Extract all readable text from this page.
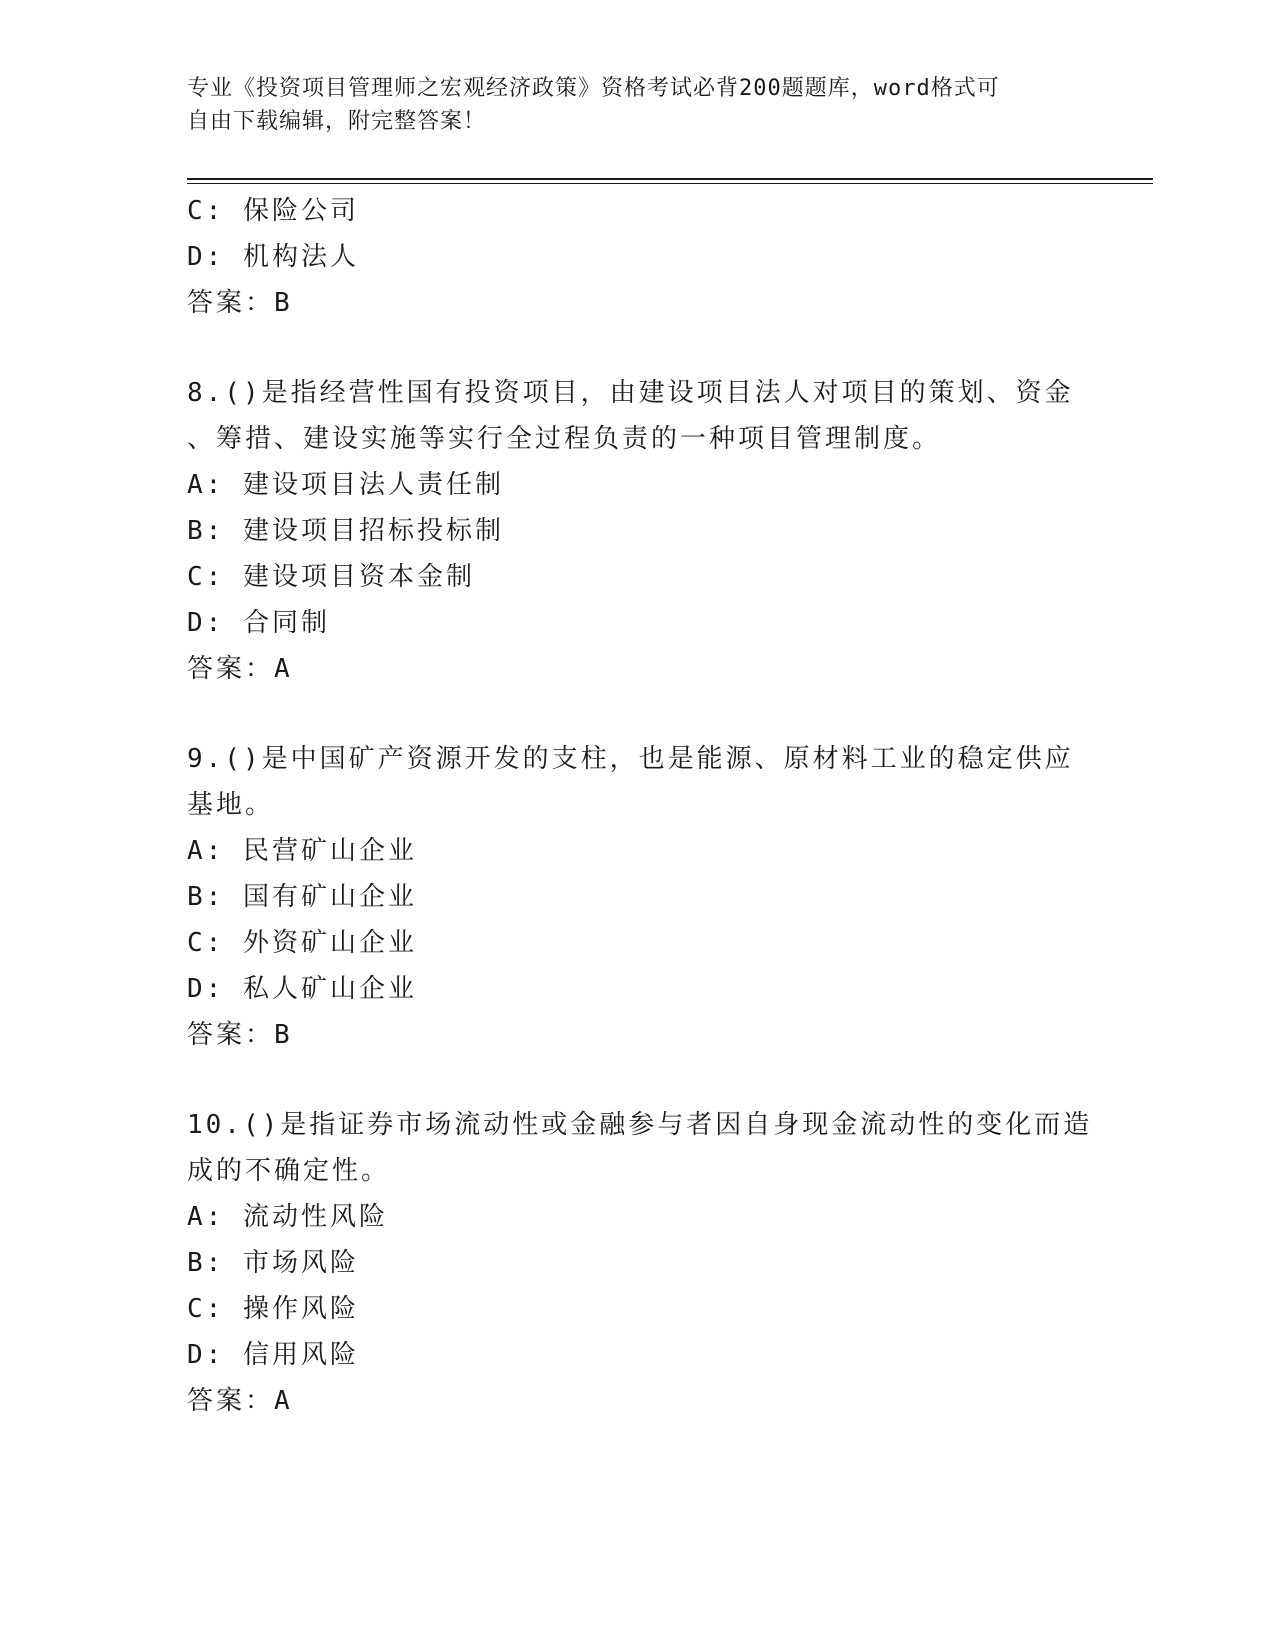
专业《投资项目管理师之宏观经济政策》资格考试必背200题题库，word格式可
自由下载编辑，附完整答案！
C: 保险公司
D: 机构法人
答案：B
8.()是指经营性国有投资项目，由建设项目法人对项目的策划、资金
、筹措、建设实施等实行全过程负责的一种项目管理制度。
A: 建设项目法人责任制
B: 建设项目招标投标制
C: 建设项目资本金制
D: 合同制
答案：A
9.()是中国矿产资源开发的支柱，也是能源、原材料工业的稳定供应
基地。
A: 民营矿山企业
B: 国有矿山企业
C: 外资矿山企业
D: 私人矿山企业
答案：B
10.()是指证券市场流动性或金融参与者因自身现金流动性的变化而造
成的不确定性。
A: 流动性风险
B: 市场风险
C: 操作风险
D: 信用风险
答案：A
